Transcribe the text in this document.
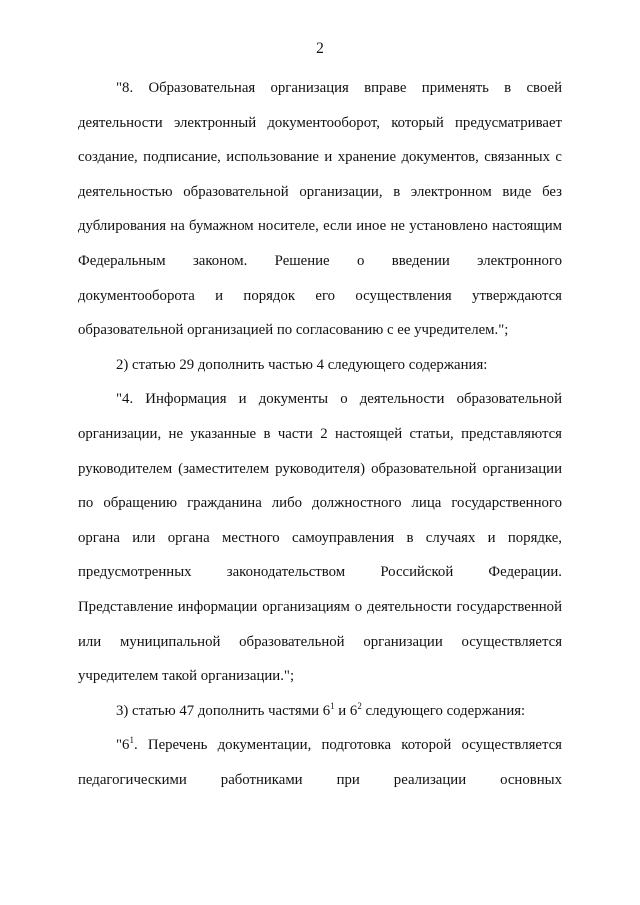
2

"8. Образовательная организация вправе применять в своей деятельности электронный документооборот, который предусматривает создание, подписание, использование и хранение документов, связанных с деятельностью образовательной организации, в электронном виде без дублирования на бумажном носителе, если иное не установлено настоящим Федеральным законом. Решение о введении электронного документооборота и порядок его осуществления утверждаются образовательной организацией по согласованию с ее учредителем.";

2) статью 29 дополнить частью 4 следующего содержания:

"4. Информация и документы о деятельности образовательной организации, не указанные в части 2 настоящей статьи, представляются руководителем (заместителем руководителя) образовательной организации по обращению гражданина либо должностного лица государственного органа или органа местного самоуправления в случаях и порядке, предусмотренных законодательством Российской Федерации. Представление информации организациям о деятельности государственной или муниципальной образовательной организации осуществляется учредителем такой организации.";

3) статью 47 дополнить частями $6^1$ и $6^2$ следующего содержания:

"$6^1$. Перечень документации, подготовка которой осуществляется педагогическими работниками при реализации основных
